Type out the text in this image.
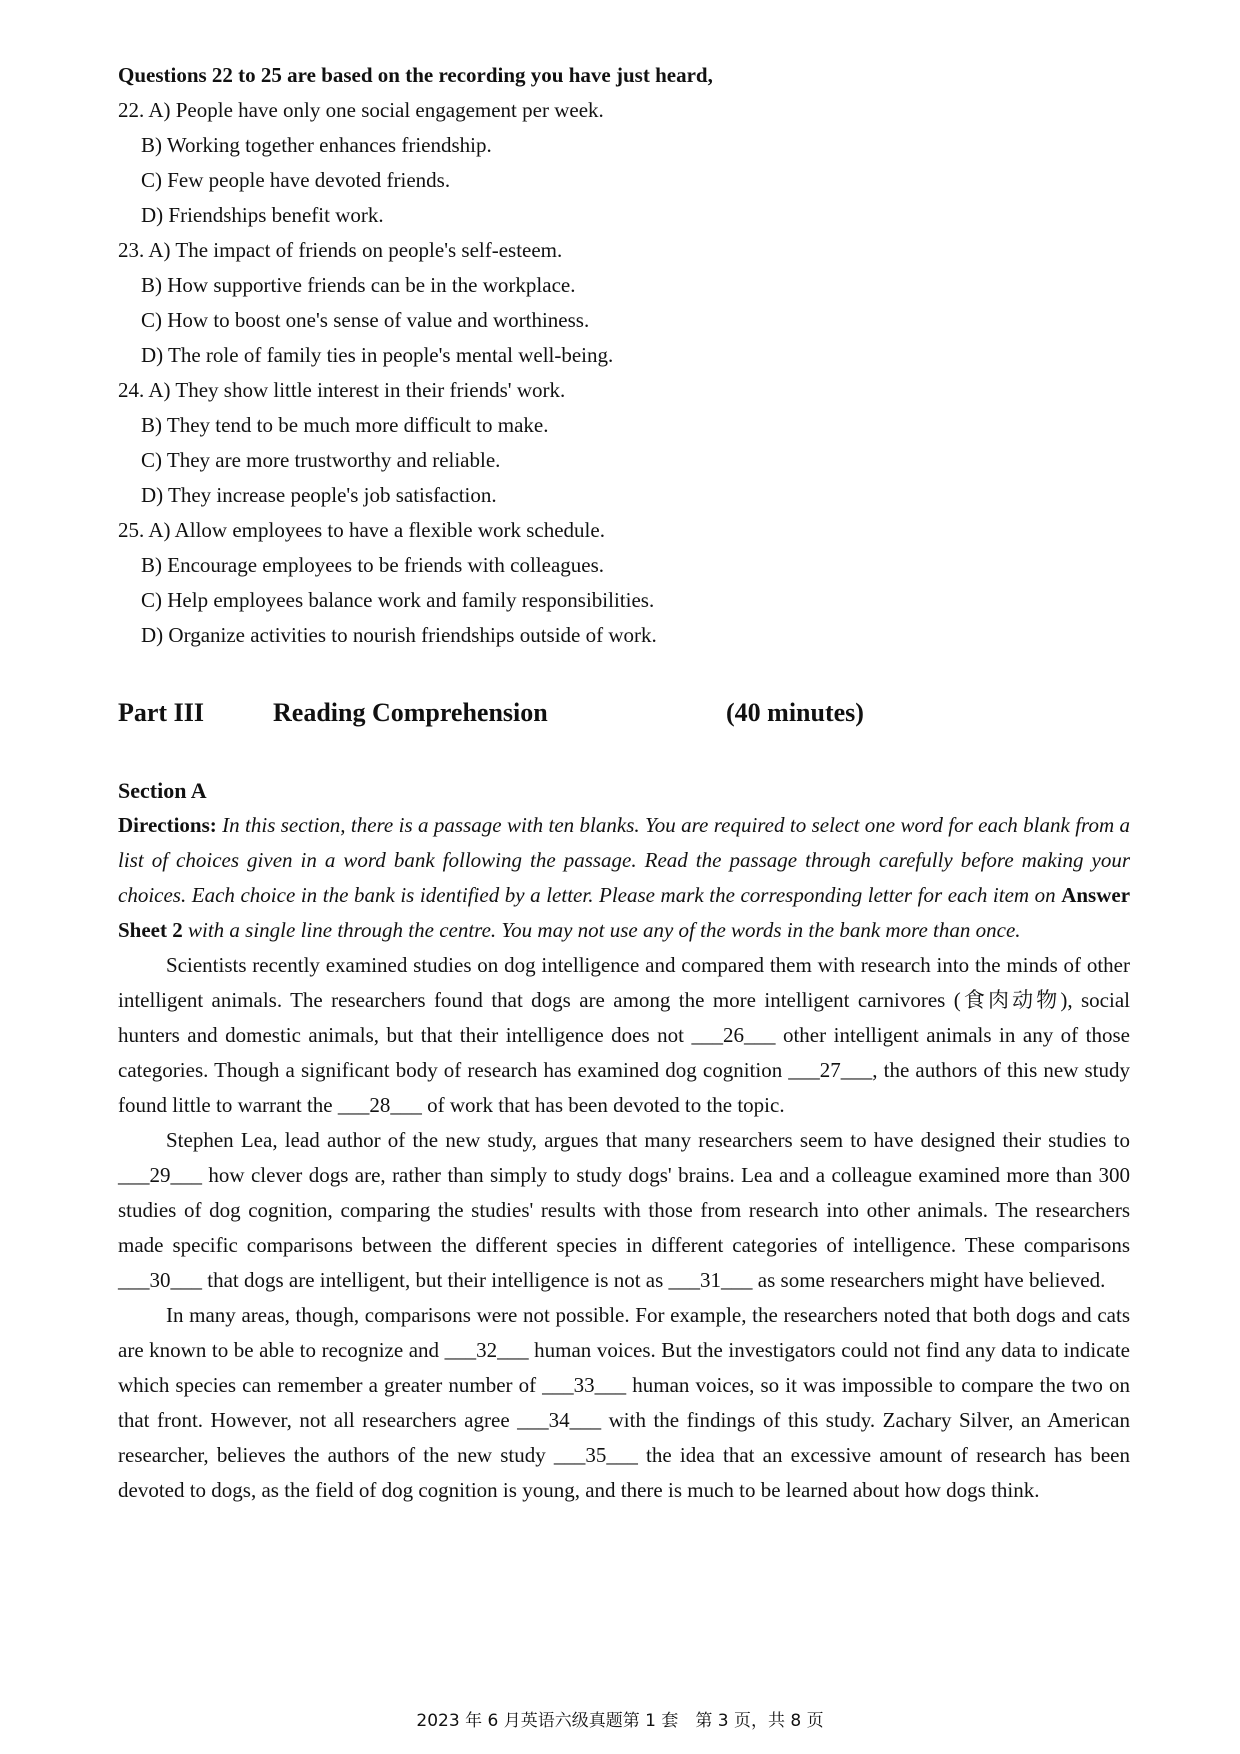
Questions 22 to 25 are based on the recording you have just heard,
22. A) People have only one social engagement per week.
B) Working together enhances friendship.
C) Few people have devoted friends.
D) Friendships benefit work.
23. A) The impact of friends on people's self-esteem.
B) How supportive friends can be in the workplace.
C) How to boost one's sense of value and worthiness.
D) The role of family ties in people's mental well-being.
24. A) They show little interest in their friends' work.
B) They tend to be much more difficult to make.
C) They are more trustworthy and reliable.
D) They increase people's job satisfaction.
25. A) Allow employees to have a flexible work schedule.
B) Encourage employees to be friends with colleagues.
C) Help employees balance work and family responsibilities.
D) Organize activities to nourish friendships outside of work.
Part III	Reading Comprehension	(40 minutes)
Section A
Directions: In this section, there is a passage with ten blanks. You are required to select one word for each blank from a list of choices given in a word bank following the passage. Read the passage through carefully before making your choices. Each choice in the bank is identified by a letter. Please mark the corresponding letter for each item on Answer Sheet 2 with a single line through the centre. You may not use any of the words in the bank more than once.

Scientists recently examined studies on dog intelligence and compared them with research into the minds of other intelligent animals. The researchers found that dogs are among the more intelligent carnivores (食肉动物), social hunters and domestic animals, but that their intelligence does not ___26___ other intelligent animals in any of those categories. Though a significant body of research has examined dog cognition ___27___, the authors of this new study found little to warrant the ___28___ of work that has been devoted to the topic.

Stephen Lea, lead author of the new study, argues that many researchers seem to have designed their studies to ___29___ how clever dogs are, rather than simply to study dogs' brains. Lea and a colleague examined more than 300 studies of dog cognition, comparing the studies' results with those from research into other animals. The researchers made specific comparisons between the different species in different categories of intelligence. These comparisons ___30___ that dogs are intelligent, but their intelligence is not as ___31___ as some researchers might have believed.

In many areas, though, comparisons were not possible. For example, the researchers noted that both dogs and cats are known to be able to recognize and ___32___ human voices. But the investigators could not find any data to indicate which species can remember a greater number of ___33___ human voices, so it was impossible to compare the two on that front. However, not all researchers agree ___34___ with the findings of this study. Zachary Silver, an American researcher, believes the authors of the new study ___35___ the idea that an excessive amount of research has been devoted to dogs, as the field of dog cognition is young, and there is much to be learned about how dogs think.

2023 年 6 月英语六级真题第 1 套　第 3 页，共 8 页
